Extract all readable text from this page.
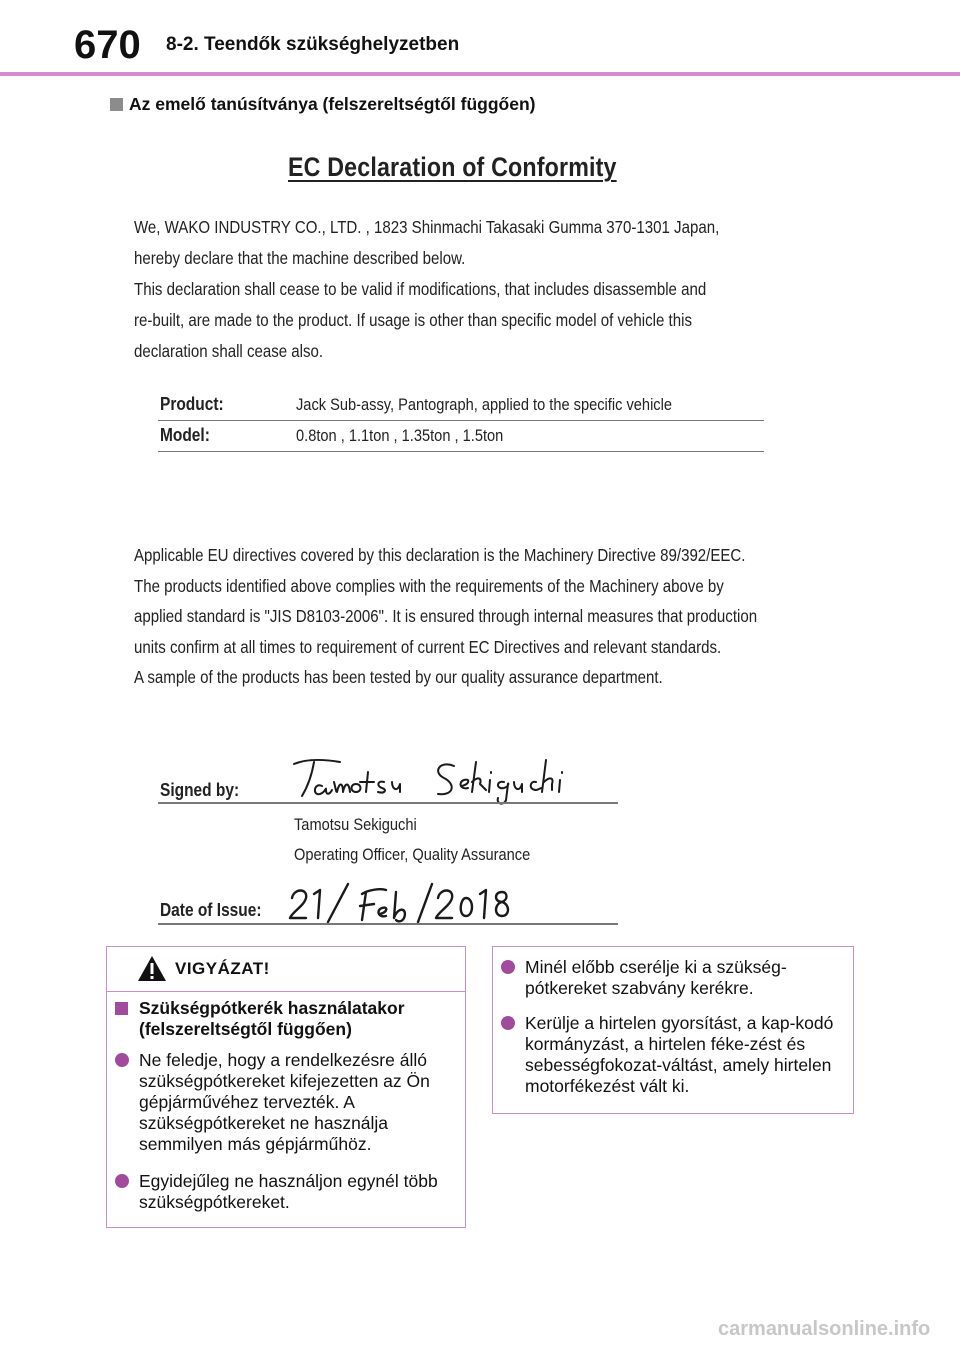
670 8-2. Teendők szükséghelyzetben
Az emelő tanúsítványa (felszereltségtől függően)
EC Declaration of Conformity

We, WAKO INDUSTRY CO., LTD. , 1823 Shinmachi Takasaki Gumma 370-1301 Japan,

hereby declare that the machine described below.

This declaration shall cease to be valid if modifications, that includes disassemble and

re-built, are made to the product. If usage is other than specific model of vehicle this

declaration shall cease also.

Product:	Jack Sub-assy, Pantograph, applied to the specific vehicle
Model:	0.8ton , 1.1ton , 1.35ton , 1.5ton

Applicable EU directives covered by this declaration is the Machinery Directive 89/392/EEC.

The products identified above complies with the requirements of the Machinery above by

applied standard is "JIS D8103-2006". It is ensured through internal measures that production

units confirm at all times to requirement of current EC Directives and relevant standards.

A sample of the products has been tested by our quality assurance department.

Signed by:
Tamotsu Sekiguchi
Operating Officer, Quality Assurance
Date of Issue:
VIGYÁZAT!
Szükségpótkerék használatakor (felszereltségtől függően)
Ne feledje, hogy a rendelkezésre álló szükségpótkereket kifejezetten az Ön gépjárművéhez tervezték. A szükségpótkereket ne használja semmilyen más gépjárműhöz.
Egyidejűleg ne használjon egynél több szükségpótkereket.
Minél előbb cserélje ki a szükség-pótkereket szabvány kerékre.
Kerülje a hirtelen gyorsítást, a kap-kodó kormányzást, a hirtelen féke-zést és sebességfokozat-váltást, amely hirtelen motorfékezést vált ki.
carmanualsonline.info
